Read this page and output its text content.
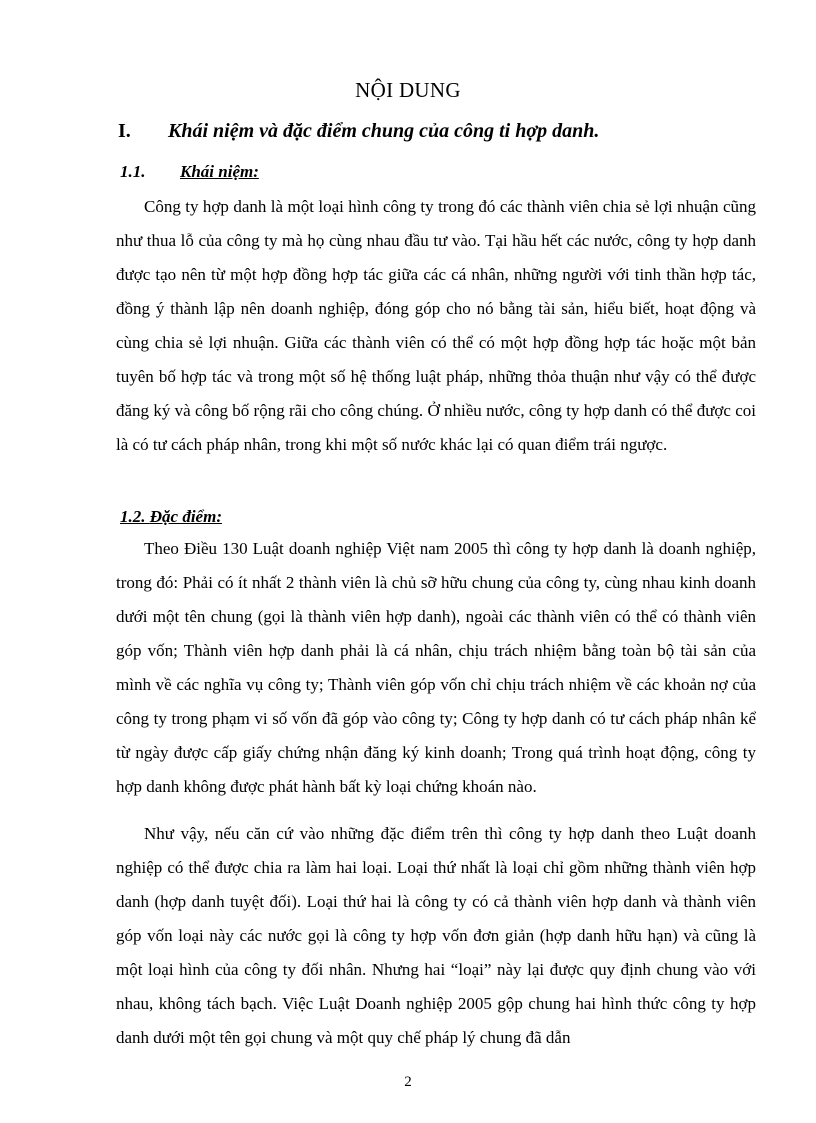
NỘI DUNG
I. Khái niệm và đặc điểm chung của công ti hợp danh.
1.1. Khái niệm:

Công ty hợp danh là một loại hình công ty trong đó các thành viên chia sẻ lợi nhuận cũng như thua lỗ của công ty mà họ cùng nhau đầu tư vào. Tại hầu hết các nước, công ty hợp danh được tạo nên từ một hợp đồng hợp tác giữa các cá nhân, những người với tinh thần hợp tác, đồng ý thành lập nên doanh nghiệp, đóng góp cho nó bằng tài sản, hiểu biết, hoạt động và cùng chia sẻ lợi nhuận. Giữa các thành viên có thể có một hợp đồng hợp tác hoặc một bản tuyên bố hợp tác và trong một số hệ thống luật pháp, những thỏa thuận như vậy có thể được đăng ký và công bố rộng rãi cho công chúng. Ở nhiều nước, công ty hợp danh có thể được coi là có tư cách pháp nhân, trong khi một số nước khác lại có quan điểm trái ngược.

1.2. Đặc điểm:

Theo Điều 130 Luật doanh nghiệp Việt nam 2005 thì công ty hợp danh là doanh nghiệp, trong đó: Phải có ít nhất 2 thành viên là chủ sỡ hữu chung của công ty, cùng nhau kinh doanh dưới một tên chung (gọi là thành viên hợp danh), ngoài các thành viên có thể có thành viên góp vốn; Thành viên hợp danh phải là cá nhân, chịu trách nhiệm bằng toàn bộ tài sản của mình về các nghĩa vụ công ty; Thành viên góp vốn chỉ chịu trách nhiệm về các khoản nợ của công ty trong phạm vi số vốn đã góp vào công ty; Công ty hợp danh có tư cách pháp nhân kể từ ngày được cấp giấy chứng nhận đăng ký kinh doanh; Trong quá trình hoạt động, công ty hợp danh không được phát hành bất kỳ loại chứng khoán nào.

Như vậy, nếu căn cứ vào những đặc điểm trên thì công ty hợp danh theo Luật doanh nghiệp có thể được chia ra làm hai loại. Loại thứ nhất là loại chỉ gồm những thành viên hợp danh (hợp danh tuyệt đối). Loại thứ hai là công ty có cả thành viên hợp danh và thành viên góp vốn loại này các nước gọi là công ty hợp vốn đơn giản (hợp danh hữu hạn) và cũng là một loại hình của công ty đối nhân. Nhưng hai “loại” này lại được quy định chung vào với nhau, không tách bạch. Việc Luật Doanh nghiệp 2005 gộp chung hai hình thức công ty hợp danh dưới một tên gọi chung và một quy chế pháp lý chung đã dẫn

2
